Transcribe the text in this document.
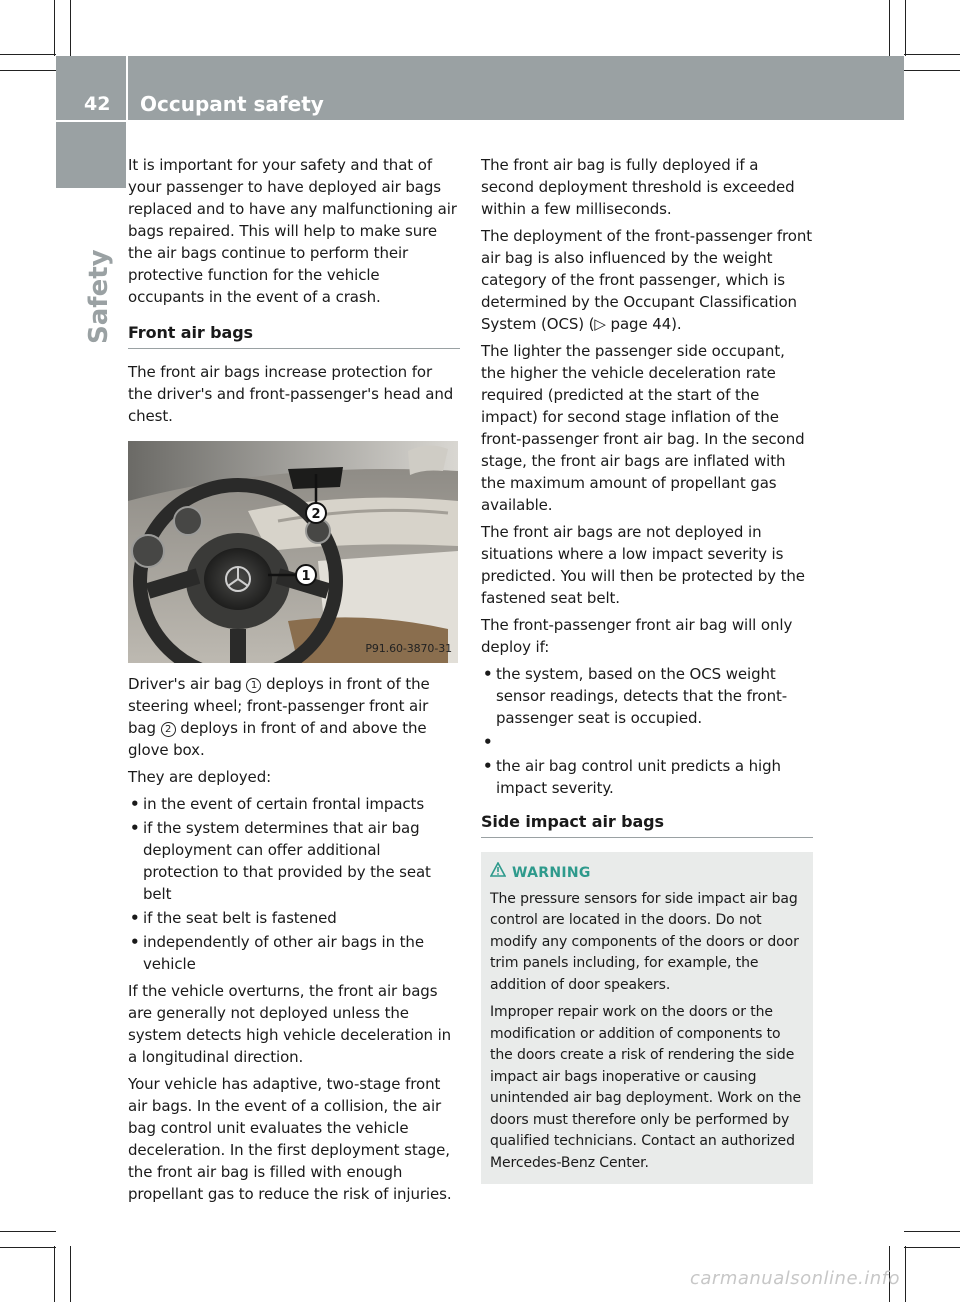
42	Occupant safety
Safety

It is important for your safety and that of your passenger to have deployed air bags replaced and to have any malfunctioning air bags repaired. This will help to make sure the air bags continue to perform their protective function for the vehicle occupants in the event of a crash.

Front air bags

The front air bags increase protection for the driver's and front-passenger's head and chest.

2
1
P91.60-3870-31

Driver's air bag 1 deploys in front of the steering wheel; front-passenger front air bag 2 deploys in front of and above the glove box.

They are deployed:

• in the event of certain frontal impacts
• if the system determines that air bag deployment can offer additional protection to that provided by the seat belt
• if the seat belt is fastened
• independently of other air bags in the vehicle

If the vehicle overturns, the front air bags are generally not deployed unless the system detects high vehicle deceleration in a longitudinal direction.

Your vehicle has adaptive, two-stage front air bags. In the event of a collision, the air bag control unit evaluates the vehicle deceleration. In the first deployment stage, the front air bag is filled with enough propellant gas to reduce the risk of injuries.

The front air bag is fully deployed if a second deployment threshold is exceeded within a few milliseconds.

The deployment of the front-passenger front air bag is also influenced by the weight category of the front passenger, which is determined by the Occupant Classification System (OCS) (▷ page 44).

The lighter the passenger side occupant, the higher the vehicle deceleration rate required (predicted at the start of the impact) for second stage inflation of the front-passenger front air bag. In the second stage, the front air bags are inflated with the maximum amount of propellant gas available.

The front air bags are not deployed in situations where a low impact severity is predicted. You will then be protected by the fastened seat belt.

The front-passenger front air bag will only deploy if:

• the system, based on the OCS weight sensor readings, detects that the front-passenger seat is occupied.
•
• the air bag control unit predicts a high impact severity.
Side impact air bags
WARNING

The pressure sensors for side impact air bag control are located in the doors. Do not modify any components of the doors or door trim panels including, for example, the addition of door speakers.

Improper repair work on the doors or the modification or addition of components to the doors create a risk of rendering the side impact air bags inoperative or causing unintended air bag deployment. Work on the doors must therefore only be performed by qualified technicians. Contact an authorized Mercedes-Benz Center.

carmanualsonline.info
